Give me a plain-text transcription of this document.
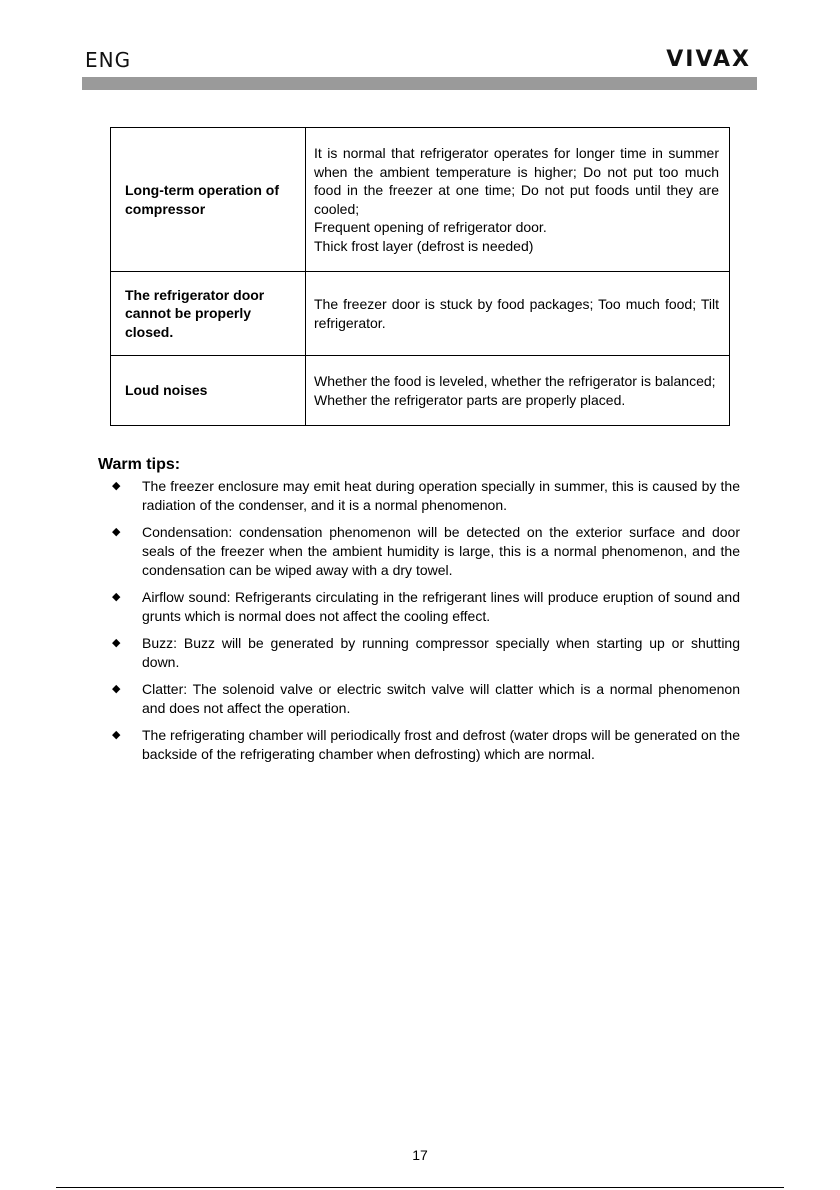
ENG	VIVAX
Long-term operation of compressor	It is normal that refrigerator operates for longer time in summer when the ambient temperature is higher; Do not put too much food in the freezer at one time; Do not put foods until they are cooled;
Frequent opening of refrigerator door.
Thick frost layer (defrost is needed)

The refrigerator door cannot be properly closed.	The freezer door is stuck by food packages; Too much food; Tilt refrigerator.

Loud noises	Whether the food is leveled, whether the refrigerator is balanced;
Whether the refrigerator parts are properly placed.
Warm tips:
◆ The freezer enclosure may emit heat during operation specially in summer, this is caused by the radiation of the condenser, and it is a normal phenomenon.
◆ Condensation: condensation phenomenon will be detected on the exterior surface and door seals of the freezer when the ambient humidity is large, this is a normal phenomenon, and the condensation can be wiped away with a dry towel.
◆ Airflow sound: Refrigerants circulating in the refrigerant lines will produce eruption of sound and grunts which is normal does not affect the cooling effect.
◆ Buzz: Buzz will be generated by running compressor specially when starting up or shutting down.
◆ Clatter: The solenoid valve or electric switch valve will clatter which is a normal phenomenon and does not affect the operation.
◆ The refrigerating chamber will periodically frost and defrost (water drops will be generated on the backside of the refrigerating chamber when defrosting) which are normal.
17
